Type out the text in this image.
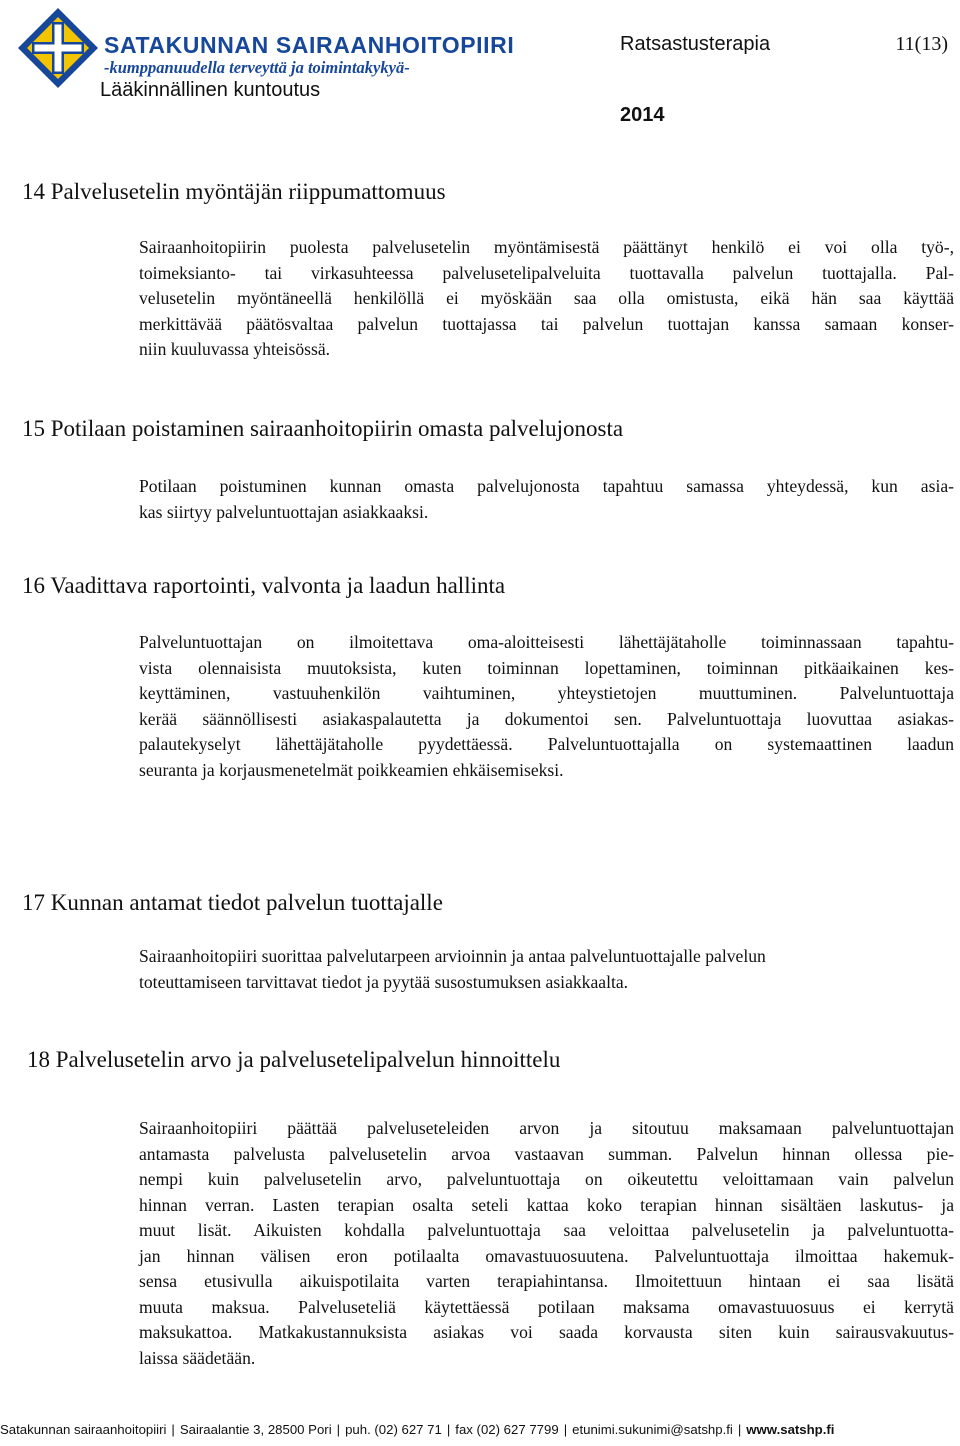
SATAKUNNAN SAIRAANHOITOPIIRI
-kumppanuudella terveyttä ja toimintakykyä-
Lääkinnällinen kuntoutus
Ratsastusterapia	11(13)
2014
14 Palvelusetelin myöntäjän riippumattomuus
Sairaanhoitopiirin puolesta palvelusetelin myöntämisestä päättänyt henkilö ei voi olla työ-,
toimeksianto- tai virkasuhteessa palvelusetelipalveluita tuottavalla palvelun tuottajalla. Pal-
velusetelin myöntäneellä henkilöllä ei myöskään saa olla omistusta, eikä hän saa käyttää
merkittävää päätösvaltaa palvelun tuottajassa tai palvelun tuottajan kanssa samaan konser-
niin kuuluvassa yhteisössä.
15 Potilaan poistaminen sairaanhoitopiirin omasta palvelujonosta
Potilaan poistuminen kunnan omasta palvelujonosta tapahtuu samassa yhteydessä, kun asia-
kas siirtyy palveluntuottajan asiakkaaksi.
16 Vaadittava raportointi, valvonta ja laadun hallinta
Palveluntuottajan on ilmoitettava oma-aloitteisesti lähettäjätaholle toiminnassaan tapahtu-
vista olennaisista muutoksista, kuten toiminnan lopettaminen, toiminnan pitkäaikainen kes-
keyttäminen, vastuuhenkilön vaihtuminen, yhteystietojen muuttuminen. Palveluntuottaja
kerää säännöllisesti asiakaspalautetta ja dokumentoi sen. Palveluntuottaja luovuttaa asiakas-
palautekyselyt lähettäjätaholle pyydettäessä. Palveluntuottajalla on systemaattinen laadun
seuranta ja korjausmenetelmät poikkeamien ehkäisemiseksi.
17 Kunnan antamat tiedot palvelun tuottajalle
Sairaanhoitopiiri suorittaa palvelutarpeen arvioinnin ja antaa palveluntuottajalle palvelun
toteuttamiseen tarvittavat tiedot ja pyytää susostumuksen asiakkaalta.
18 Palvelusetelin arvo ja palvelusetelipalvelun hinnoittelu
Sairaanhoitopiiri päättää palveluseteleiden arvon ja sitoutuu maksamaan palveluntuottajan
antamasta palvelusta palvelusetelin arvoa vastaavan summan. Palvelun hinnan ollessa pie-
nempi kuin palvelusetelin arvo, palveluntuottaja on oikeutettu veloittamaan vain palvelun
hinnan verran. Lasten terapian osalta seteli kattaa koko terapian hinnan sisältäen laskutus- ja
muut lisät. Aikuisten kohdalla palveluntuottaja saa veloittaa palvelusetelin ja palveluntuotta-
jan hinnan välisen eron potilaalta omavastuuosuutena. Palveluntuottaja ilmoittaa hakemuk-
sensa etusivulla aikuispotilaita varten terapiahintansa. Ilmoitettuun hintaan ei saa lisätä
muuta maksua. Palveluseteliä käytettäessä potilaan maksama omavastuuosuus ei kerrytä
maksukattoa. Matkakustannuksista asiakas voi saada korvausta siten kuin sairausvakuutus-
laissa säädetään.
Satakunnan sairaanhoitopiiri | Sairaalantie 3, 28500 Pori | puh. (02) 627 71 | fax (02) 627 7799 | etunimi.sukunimi@satshp.fi | www.satshp.fi
